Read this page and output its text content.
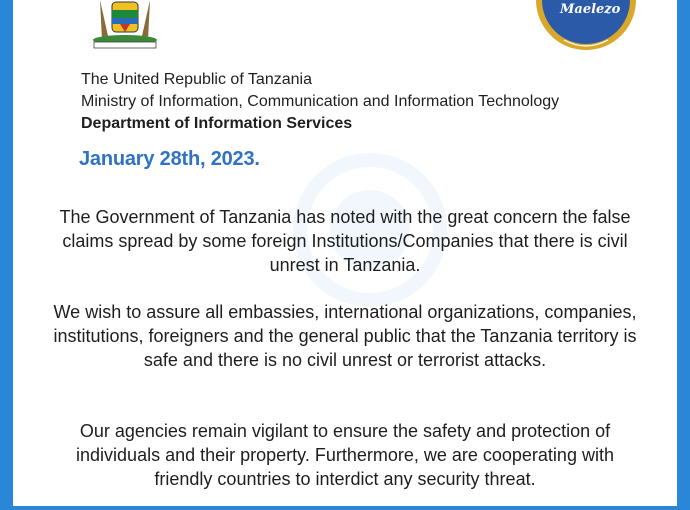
Maelezo
The United Republic of Tanzania
Ministry of Information, Communication and Information Technology
Department of Information Services
January 28th, 2023.
The Government of Tanzania has noted with the great concern the false claims spread by some foreign Institutions/Companies that there is civil unrest in Tanzania.
We wish to assure all embassies, international organizations, companies, institutions, foreigners and the general public that the Tanzania territory is safe and there is no civil unrest or terrorist attacks.
Our agencies remain vigilant to ensure the safety and protection of individuals and their property. Furthermore, we are cooperating with friendly countries to interdict any security threat.
